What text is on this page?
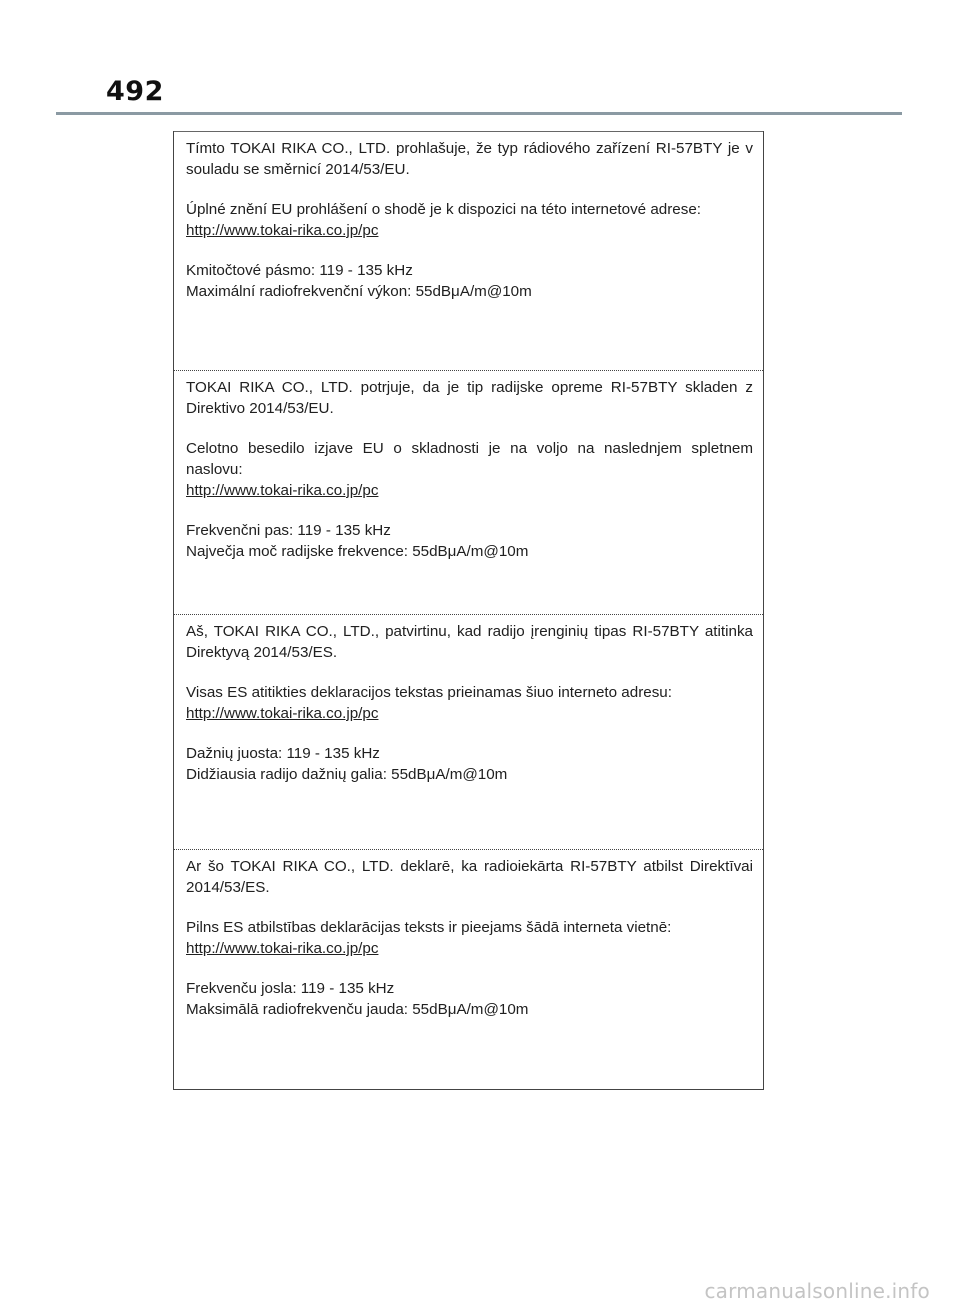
492

Tímto TOKAI RIKA CO., LTD. prohlašuje, že typ rádiového zařízení RI-57BTY je v souladu se směrnicí 2014/53/EU.

Úplné znění EU prohlášení o shodě je k dispozici na této internetové adrese:

http://www.tokai-rika.co.jp/pc

Kmitočtové pásmo: 119 - 135 kHz

Maximální radiofrekvenční výkon: 55dBμA/m@10m

TOKAI RIKA CO., LTD. potrjuje, da je tip radijske opreme RI-57BTY skladen z Direktivo 2014/53/EU.

Celotno besedilo izjave EU o skladnosti je na voljo na naslednjem spletnem naslovu:

http://www.tokai-rika.co.jp/pc

Frekvenčni pas: 119 - 135 kHz

Največja moč radijske frekvence: 55dBμA/m@10m

Aš, TOKAI RIKA CO., LTD., patvirtinu, kad radijo įrenginių tipas RI-57BTY atitinka Direktyvą 2014/53/ES.

Visas ES atitikties deklaracijos tekstas prieinamas šiuo interneto adresu:

http://www.tokai-rika.co.jp/pc

Dažnių juosta: 119 - 135 kHz

Didžiausia radijo dažnių galia: 55dBμA/m@10m

Ar šo TOKAI RIKA CO., LTD. deklarē, ka radioiekārta RI-57BTY atbilst Direktīvai 2014/53/ES.

Pilns ES atbilstības deklarācijas teksts ir pieejams šādā interneta vietnē:

http://www.tokai-rika.co.jp/pc

Frekvenču josla: 119 - 135 kHz

Maksimālā radiofrekvenču jauda: 55dBμA/m@10m

carmanualsonline.info
